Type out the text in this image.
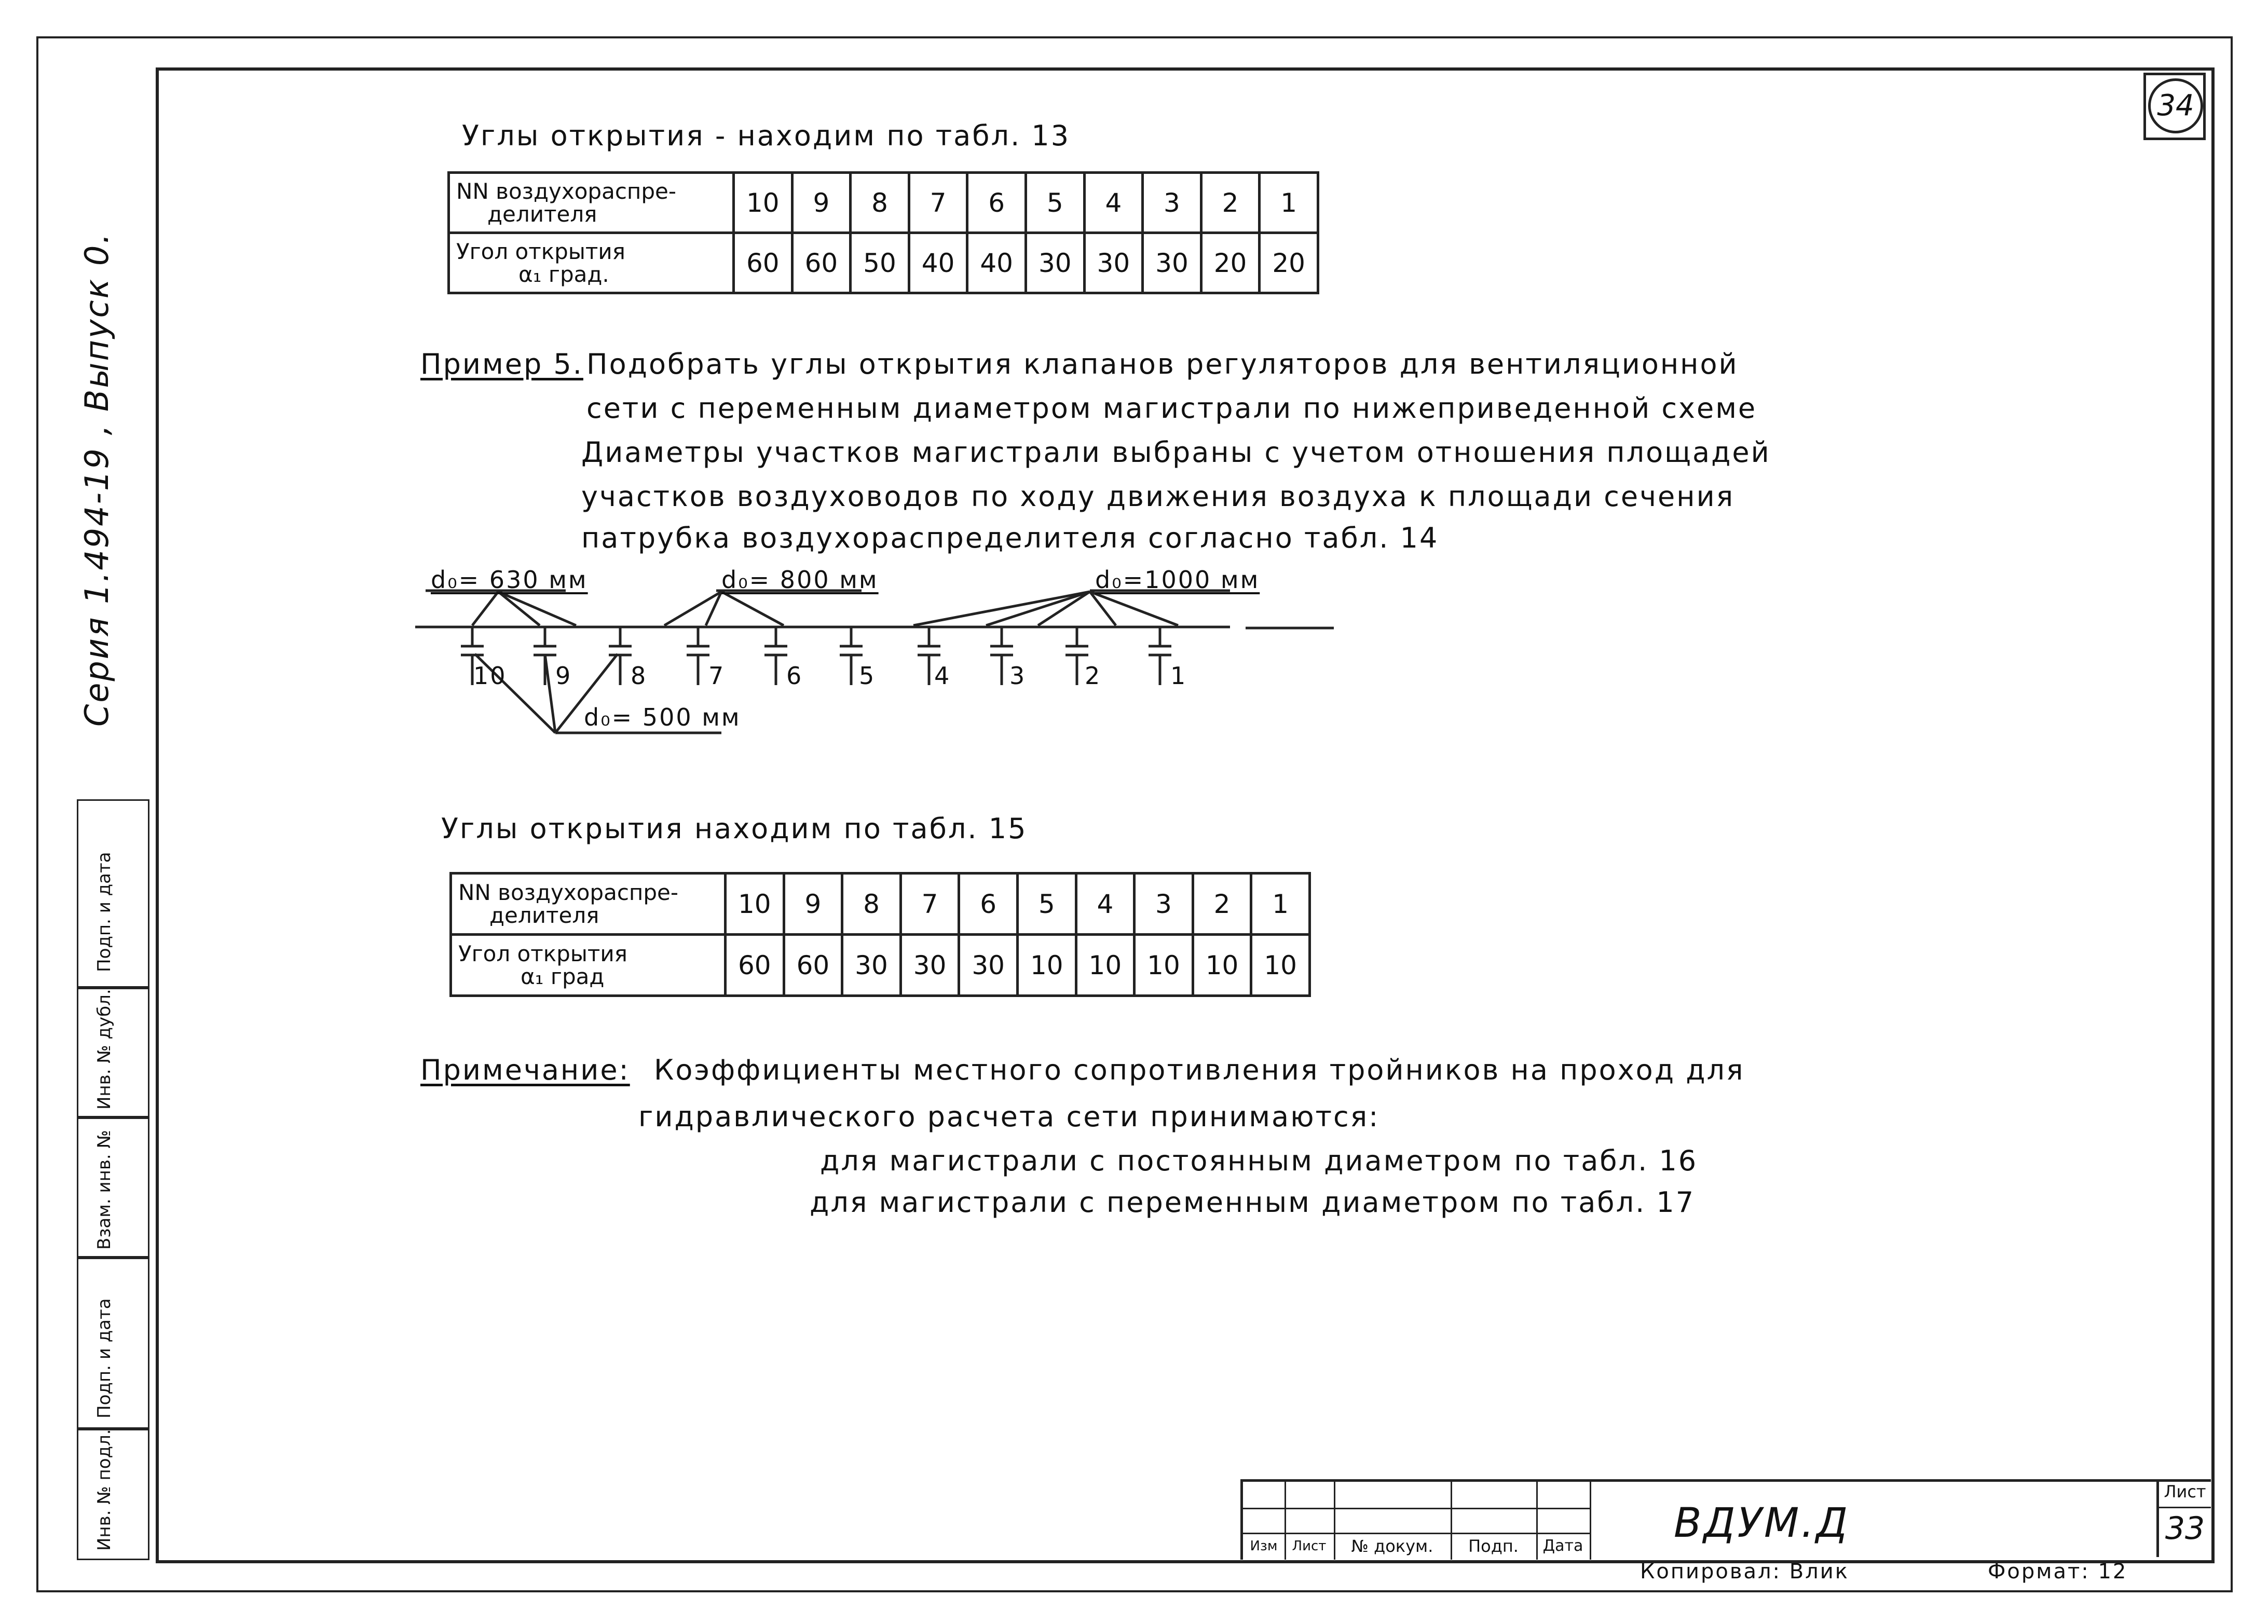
34
Серия 1.494-19 , Выпуск 0.
Углы открытия - находим по табл. 13
NN воздухораспре-
делителя	10	9	8	7	6	5	4	3	2	1

Угол открытия
α₁ град.	60	60	50	40	40	30	30	30	20	20
Пример 5. Подобрать углы открытия клапанов регуляторов для вентиляционной
сети с переменным диаметром магистрали по нижеприведенной схеме
Диаметры участков магистрали выбраны с учетом отношения площадей
участков воздуховодов по ходу движения воздуха к площади сечения
патрубка воздухораспределителя согласно табл. 14
d₀= 630 мм	d₀= 800 мм	d₀=1000 мм
d₀= 500 мм
10 9 8	7	6 5 4 3 2	1
Углы открытия находим по табл. 15
NN воздухораспре-
делителя	10	9	8	7	6	5	4	3	2	1

Угол открытия
α₁ град	60	60	30	30	30	10	10	10	10	10
Примечание: Коэффициенты местного сопротивления тройников на проход для
гидравлического расчета сети принимаются:
для магистрали с постоянным диаметром по табл. 16
для магистрали с переменным диаметром по табл. 17
Подп. и дата
Инв. № дубл.
Взам. инв. №
Подп. и дата
Инв. № подл.	Изм	Лист	№ докум.	Подп.	Дата ВДУМ.Д
Лист
33
Копировал: Влик	Формат: 12
